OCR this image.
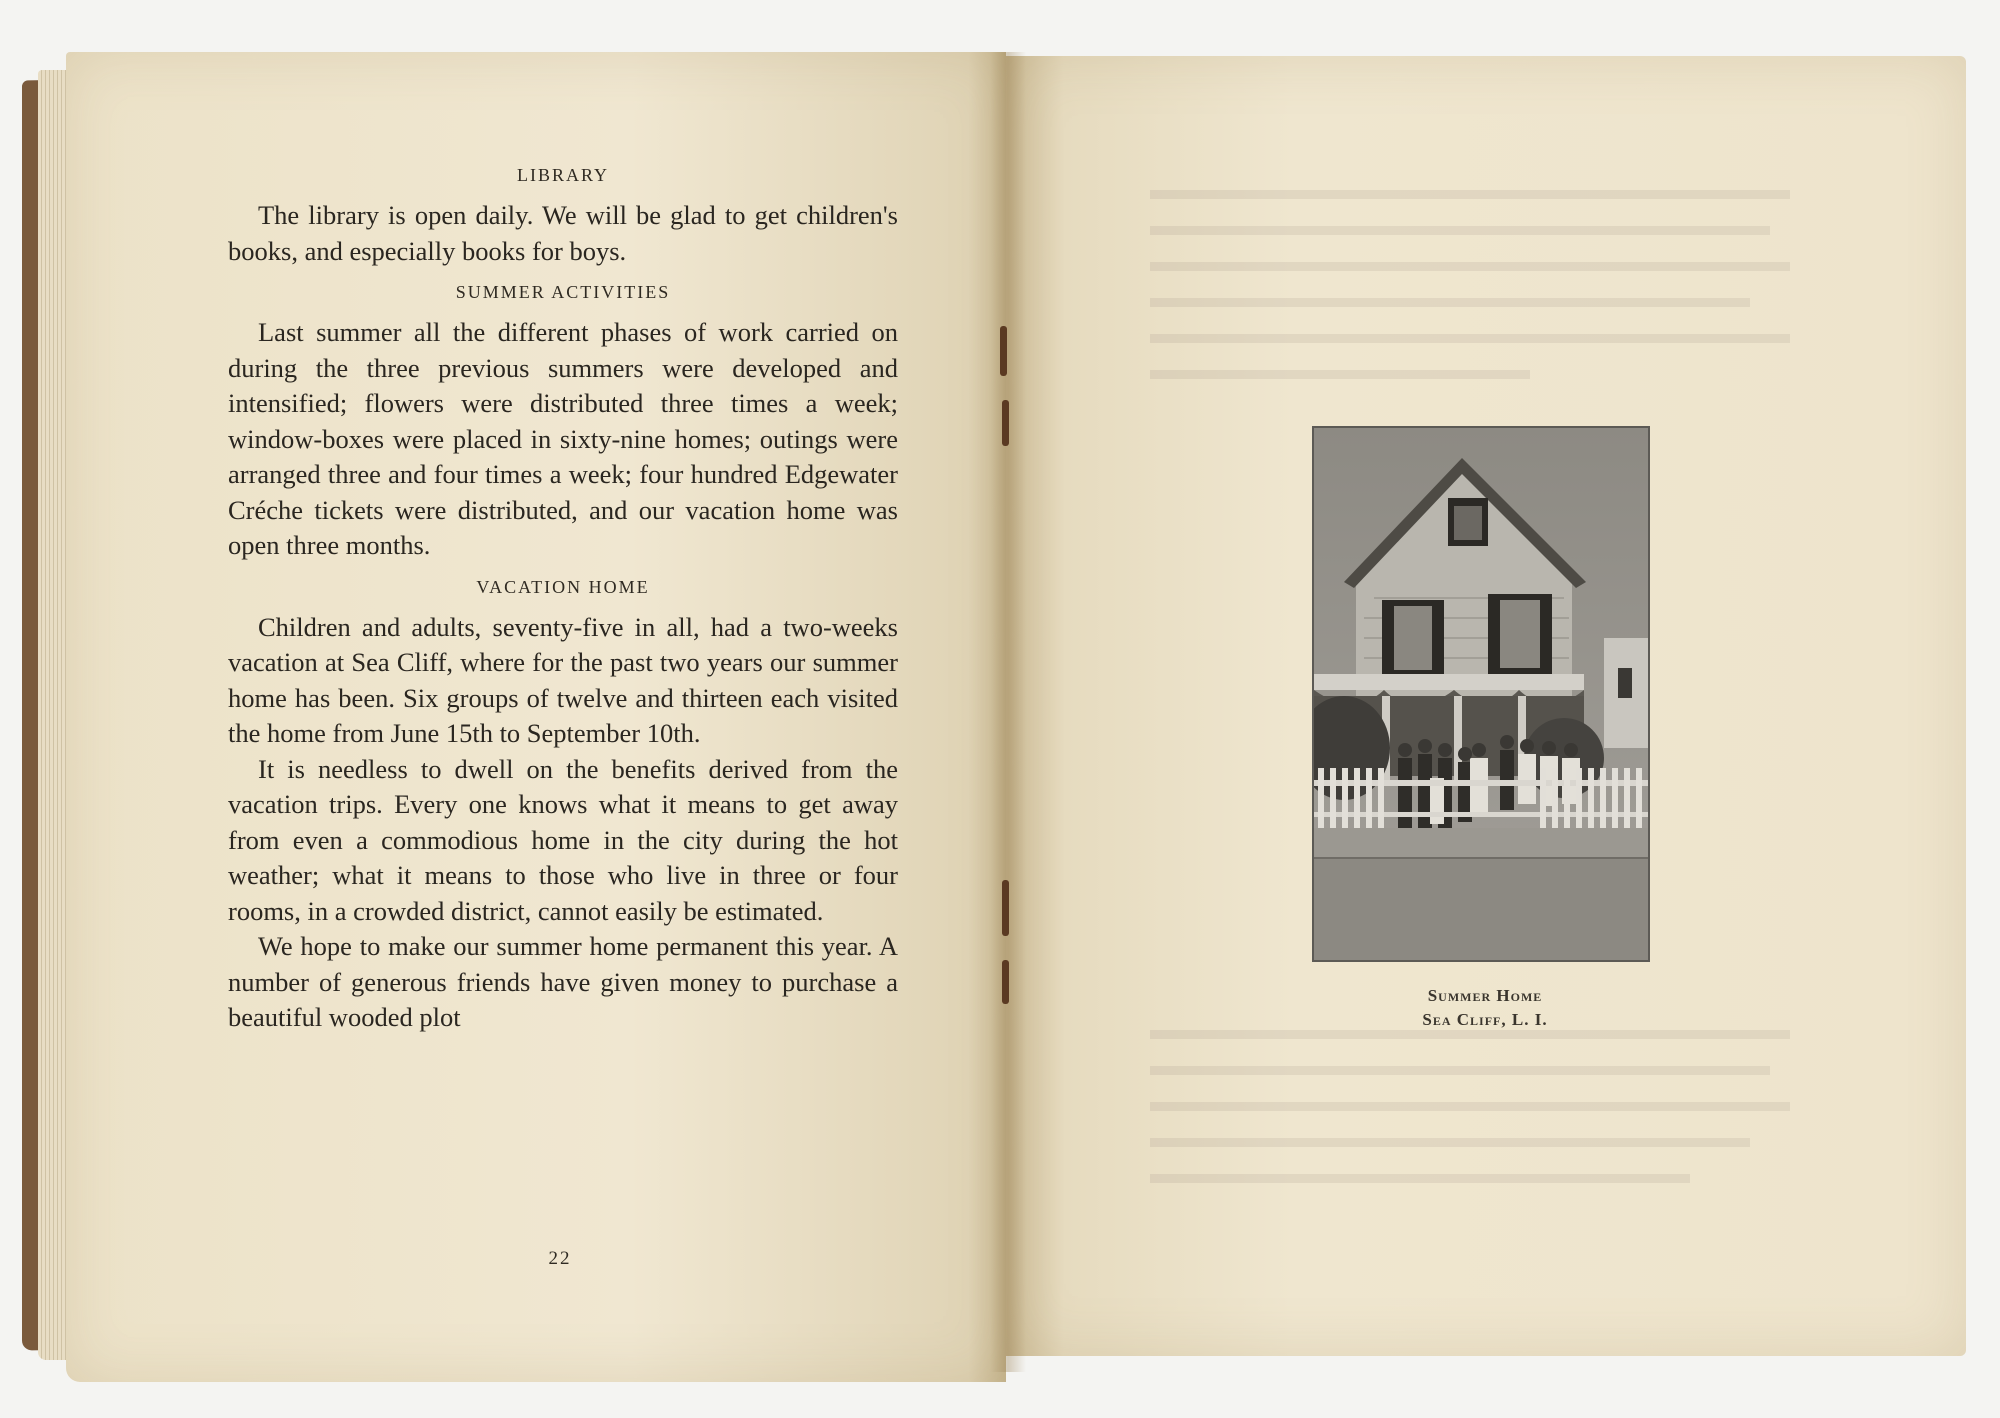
LIBRARY

The library is open daily. We will be glad to get children's books, and especially books for boys.

SUMMER ACTIVITIES

Last summer all the different phases of work carried on during the three previous summers were developed and intensified; flowers were distributed three times a week; window-boxes were placed in sixty-nine homes; outings were arranged three and four times a week; four hundred Edgewater Créche tickets were distributed, and our vacation home was open three months.

VACATION HOME

Children and adults, seventy-five in all, had a two-weeks vacation at Sea Cliff, where for the past two years our summer home has been. Six groups of twelve and thirteen each visited the home from June 15th to September 10th.

It is needless to dwell on the benefits derived from the vacation trips. Every one knows what it means to get away from even a commodious home in the city during the hot weather; what it means to those who live in three or four rooms, in a crowded district, cannot easily be estimated.

We hope to make our summer home permanent this year. A number of generous friends have given money to purchase a beautiful wooded plot

22
Summer Home
Sea Cliff, L. I.
